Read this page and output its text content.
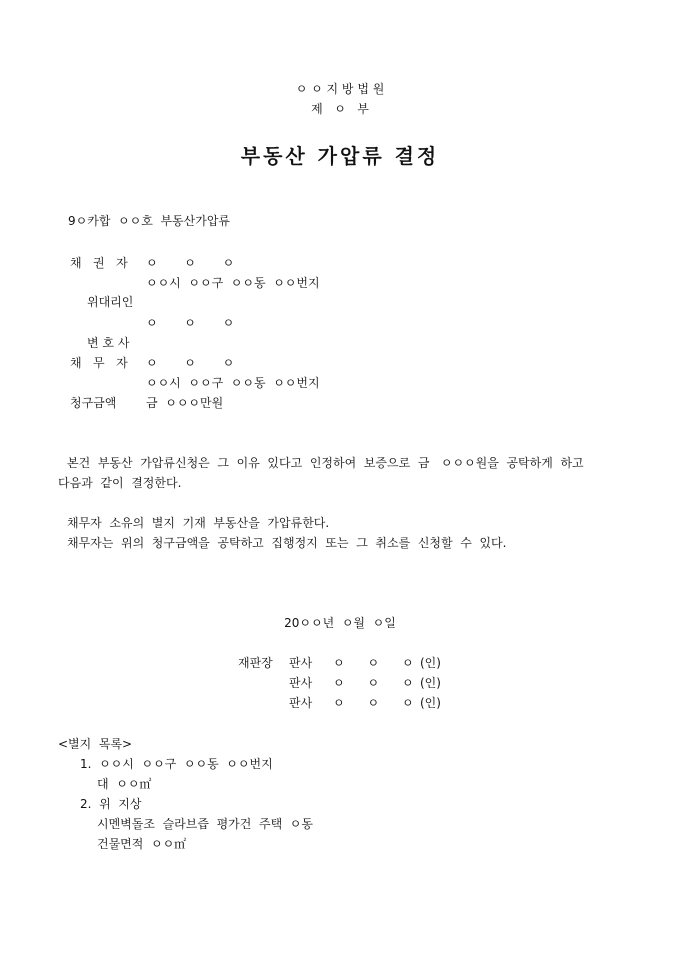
ㅇ ㅇ 지 방 법 원
제   ㅇ   부
부동산 가압류 결정
9ㅇ카합  ㅇㅇ호  부동산가압류
채   권   자 ㅇ       ㅇ       ㅇ
ㅇㅇ시  ㅇㅇ구  ㅇㅇ동  ㅇㅇ번지
위대리인
ㅇ       ㅇ       ㅇ
변 호 사
채   무   자 ㅇ       ㅇ       ㅇ
ㅇㅇ시  ㅇㅇ구  ㅇㅇ동  ㅇㅇ번지
청구금액 금  ㅇㅇㅇ만원
본건  부동산  가압류신청은  그  이유  있다고  인정하여  보증으로  금   ㅇㅇㅇ원을  공탁하게  하고
다음과  같이  결정한다.
채무자  소유의  별지  기재  부동산을  가압류한다.
채무자는  위의  청구금액을  공탁하고  집행정지  또는  그  취소를  신청할  수  있다.
20ㅇㅇ년  ㅇ월  ㅇ일
재판장 판사 ㅇ      ㅇ      ㅇ (인)
판사 ㅇ      ㅇ      ㅇ (인)
판사 ㅇ      ㅇ      ㅇ (인)
<별지  목록>
1.  ㅇㅇ시  ㅇㅇ구  ㅇㅇ동  ㅇㅇ번지
대  ㅇㅇ㎡
2.  위  지상
시멘벽돌조  슬라브즙  평가건  주택  ㅇ동
건물면적  ㅇㅇ㎡
